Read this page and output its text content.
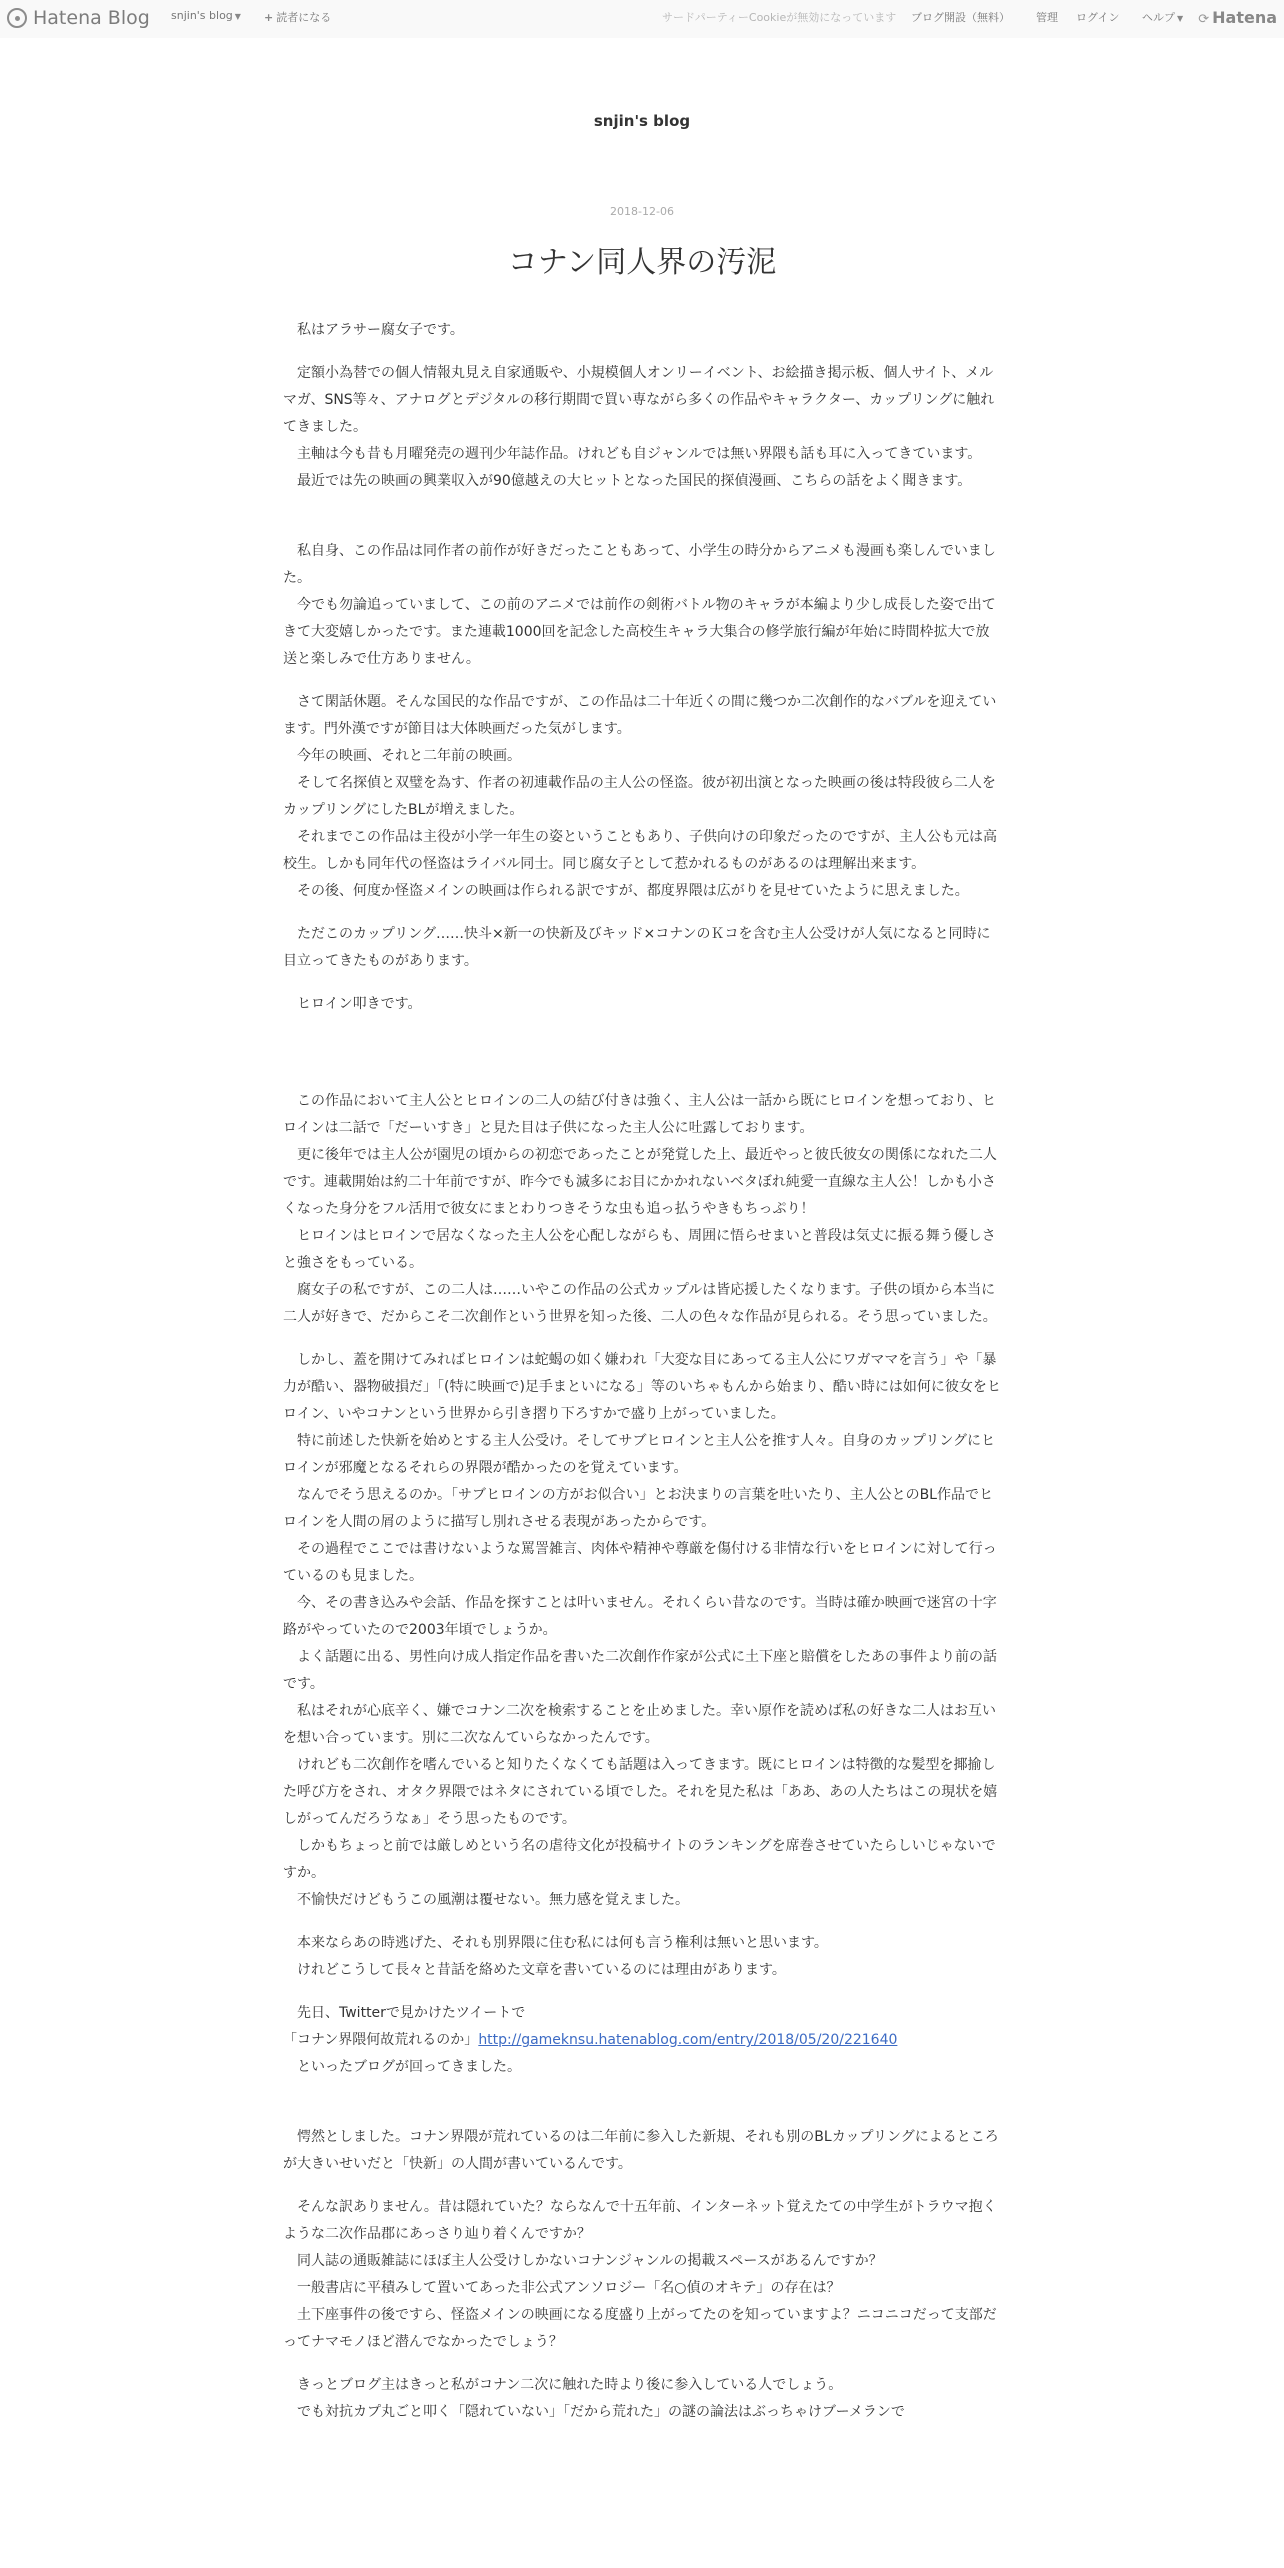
Hatena Blog snjin's blog ▼ + 読者になる	サードパーティーCookieが無効になっています ブログ開設（無料） 管理 ログイン ヘルプ ▼ ⟳ Hatena
snjin's blog
2018-12-06
コナン同人界の汚泥

　私はアラサー腐女子です。

　定額小為替での個人情報丸見え自家通販や、小規模個人オンリーイベント、お絵描き掲示板、個人サイト、メルマガ、SNS等々、アナログとデジタルの移行期間で買い専ながら多くの作品やキャラクター、カップリングに触れてきました。
　主軸は今も昔も月曜発売の週刊少年誌作品。けれども自ジャンルでは無い界隈も話も耳に入ってきています。
　最近では先の映画の興業収入が90億越えの大ヒットとなった国民的探偵漫画、こちらの話をよく聞きます。

　私自身、この作品は同作者の前作が好きだったこともあって、小学生の時分からアニメも漫画も楽しんでいました。
　今でも勿論追っていまして、この前のアニメでは前作の剣術バトル物のキャラが本編より少し成長した姿で出てきて大変嬉しかったです。また連載1000回を記念した高校生キャラ大集合の修学旅行編が年始に時間枠拡大で放送と楽しみで仕方ありません。

　さて閑話休題。そんな国民的な作品ですが、この作品は二十年近くの間に幾つか二次創作的なバブルを迎えています。門外漢ですが節目は大体映画だった気がします。
　今年の映画、それと二年前の映画。
　そして名探偵と双璧を為す、作者の初連載作品の主人公の怪盗。彼が初出演となった映画の後は特段彼ら二人をカップリングにしたBLが増えました。
　それまでこの作品は主役が小学一年生の姿ということもあり、子供向けの印象だったのですが、主人公も元は高校生。しかも同年代の怪盗はライバル同士。同じ腐女子として惹かれるものがあるのは理解出来ます。
　その後、何度か怪盗メインの映画は作られる訳ですが、都度界隈は広がりを見せていたように思えました。

　ただこのカップリング……快斗×新一の快新及びキッド×コナンのＫコを含む主人公受けが人気になると同時に目立ってきたものがあります。

　ヒロイン叩きです。

　この作品において主人公とヒロインの二人の結び付きは強く、主人公は一話から既にヒロインを想っており、ヒロインは二話で「だーいすき」と見た目は子供になった主人公に吐露しております。
　更に後年では主人公が園児の頃からの初恋であったことが発覚した上、最近やっと彼氏彼女の関係になれた二人です。連載開始は約二十年前ですが、昨今でも滅多にお目にかかれないベタぼれ純愛一直線な主人公！しかも小さくなった身分をフル活用で彼女にまとわりつきそうな虫も追っ払うやきもちっぷり！
　ヒロインはヒロインで居なくなった主人公を心配しながらも、周囲に悟らせまいと普段は気丈に振る舞う優しさと強さをもっている。
　腐女子の私ですが、この二人は……いやこの作品の公式カップルは皆応援したくなります。子供の頃から本当に二人が好きで、だからこそ二次創作という世界を知った後、二人の色々な作品が見られる。そう思っていました。

　しかし、蓋を開けてみればヒロインは蛇蝎の如く嫌われ「大変な目にあってる主人公にワガママを言う」や「暴力が酷い、器物破損だ」「(特に映画で)足手まといになる」等のいちゃもんから始まり、酷い時には如何に彼女をヒロイン、いやコナンという世界から引き摺り下ろすかで盛り上がっていました。
　特に前述した快新を始めとする主人公受け。そしてサブヒロインと主人公を推す人々。自身のカップリングにヒロインが邪魔となるそれらの界隈が酷かったのを覚えています。
　なんでそう思えるのか。「サブヒロインの方がお似合い」とお決まりの言葉を吐いたり、主人公とのBL作品でヒロインを人間の屑のように描写し別れさせる表現があったからです。
　その過程でここでは書けないような罵詈雑言、肉体や精神や尊厳を傷付ける非情な行いをヒロインに対して行っているのも見ました。
　今、その書き込みや会話、作品を探すことは叶いません。それくらい昔なのです。当時は確か映画で迷宮の十字路がやっていたので2003年頃でしょうか。
　よく話題に出る、男性向け成人指定作品を書いた二次創作作家が公式に土下座と賠償をしたあの事件より前の話です。
　私はそれが心底辛く、嫌でコナン二次を検索することを止めました。幸い原作を読めば私の好きな二人はお互いを想い合っています。別に二次なんていらなかったんです。
　けれども二次創作を嗜んでいると知りたくなくても話題は入ってきます。既にヒロインは特徴的な髪型を揶揄した呼び方をされ、オタク界隈ではネタにされている頃でした。それを見た私は「ああ、あの人たちはこの現状を嬉しがってんだろうなぁ」そう思ったものです。
　しかもちょっと前では厳しめという名の虐待文化が投稿サイトのランキングを席巻させていたらしいじゃないですか。
　不愉快だけどもうこの風潮は覆せない。無力感を覚えました。

　本来ならあの時逃げた、それも別界隈に住む私には何も言う権利は無いと思います。
　けれどこうして長々と昔話を絡めた文章を書いているのには理由があります。

　先日、Twitterで見かけたツイートで
「コナン界隈何故荒れるのか」http://gameknsu.hatenablog.com/entry/2018/05/20/221640

　といったブログが回ってきました。

　愕然としました。コナン界隈が荒れているのは二年前に参入した新規、それも別のBLカップリングによるところが大きいせいだと「快新」の人間が書いているんです。

　そんな訳ありません。昔は隠れていた？ならなんで十五年前、インターネット覚えたての中学生がトラウマ抱くような二次作品郡にあっさり辿り着くんですか？
　同人誌の通販雑誌にほぼ主人公受けしかないコナンジャンルの掲載スペースがあるんですか？
　一般書店に平積みして置いてあった非公式アンソロジー「名○偵のオキテ」の存在は？
　土下座事件の後ですら、怪盗メインの映画になる度盛り上がってたのを知っていますよ？ニコニコだって支部だってナマモノほど潜んでなかったでしょう？

　きっとブログ主はきっと私がコナン二次に触れた時より後に参入している人でしょう。
　でも対抗カプ丸ごと叩く「隠れていない」「だから荒れた」の謎の論法はぶっちゃけブーメランで
